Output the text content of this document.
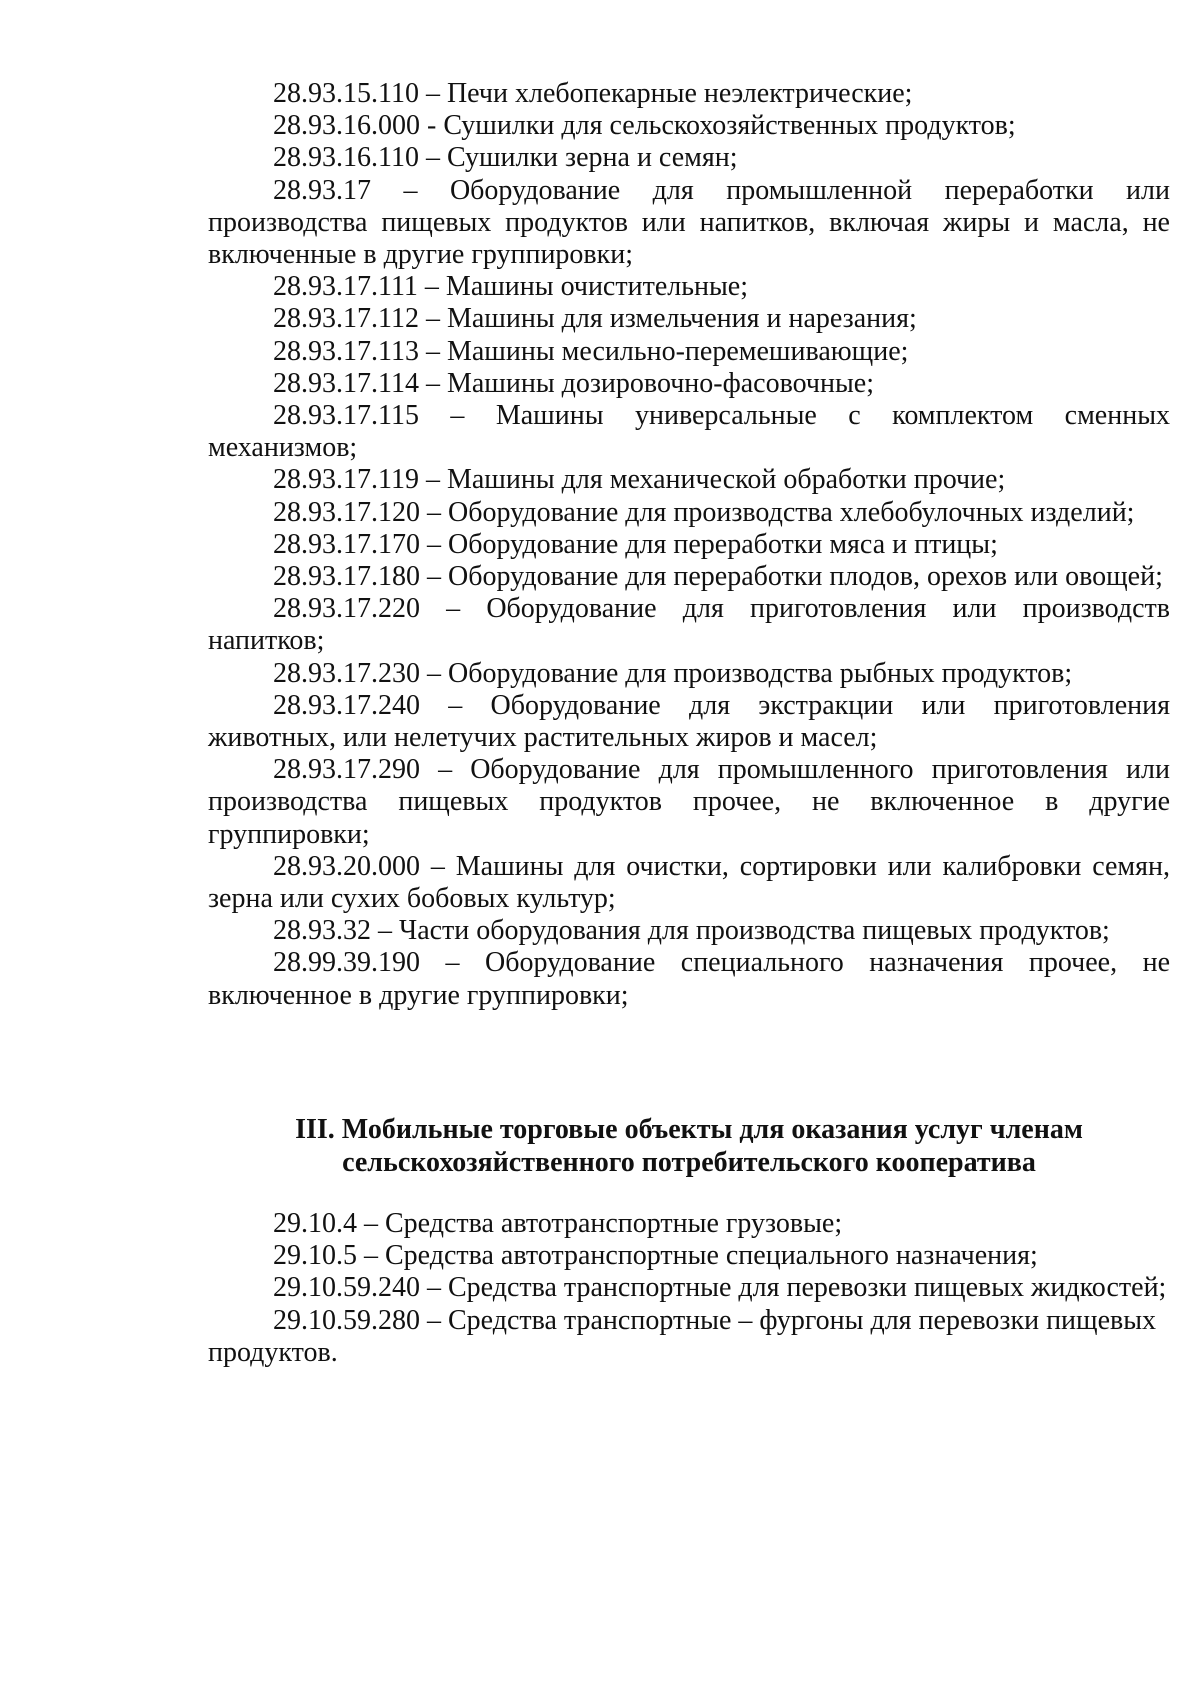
28.93.15.110 – Печи хлебопекарные неэлектрические;

28.93.16.000 - Сушилки для сельскохозяйственных продуктов;

28.93.16.110 – Сушилки зерна и семян;

28.93.17 – Оборудование для промышленной переработки или производства пищевых продуктов или напитков, включая жиры и масла, не включенные в другие группировки;

28.93.17.111 – Машины очистительные;

28.93.17.112 – Машины для измельчения и нарезания;

28.93.17.113 – Машины месильно-перемешивающие;

28.93.17.114 – Машины дозировочно-фасовочные;

28.93.17.115 – Машины универсальные с комплектом сменных механизмов;

28.93.17.119 – Машины для механической обработки прочие;

28.93.17.120 – Оборудование для производства хлебобулочных изделий;

28.93.17.170 – Оборудование для переработки мяса и птицы;

28.93.17.180 – Оборудование для переработки плодов, орехов или овощей;

28.93.17.220 – Оборудование для приготовления или производств напитков;

28.93.17.230 – Оборудование для производства рыбных продуктов;

28.93.17.240 – Оборудование для экстракции или приготовления животных, или нелетучих растительных жиров и масел;

28.93.17.290 – Оборудование для промышленного приготовления или производства пищевых продуктов прочее, не включенное в другие группировки;

28.93.20.000 – Машины для очистки, сортировки или калибровки семян, зерна или сухих бобовых культур;

28.93.32 – Части оборудования для производства пищевых продуктов;

28.99.39.190 – Оборудование специального назначения прочее, не включенное в другие группировки;

III. Мобильные торговые объекты для оказания услуг членам
сельскохозяйственного потребительского кооператива

29.10.4 – Средства автотранспортные грузовые;

29.10.5 – Средства автотранспортные специального назначения;

29.10.59.240 – Средства транспортные для перевозки пищевых жидкостей;

29.10.59.280 – Средства транспортные – фургоны для перевозки пищевых продуктов.
